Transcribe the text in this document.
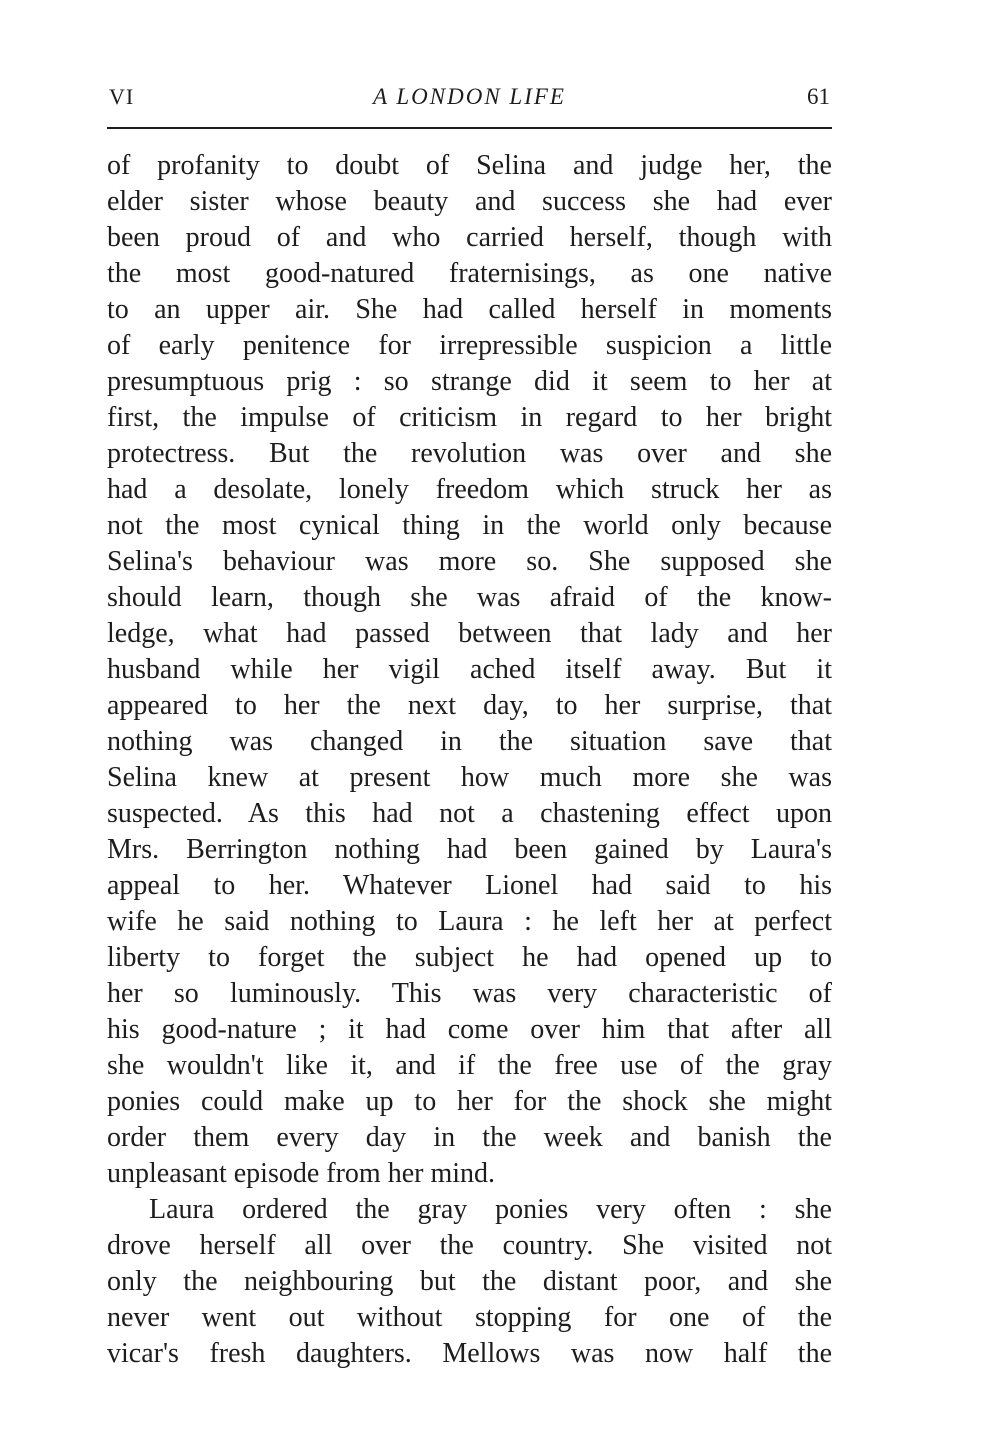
VI	A LONDON LIFE	61
of profanity to doubt of Selina and judge her, the
elder sister whose beauty and success she had ever
been proud of and who carried herself, though with
the most good-natured fraternisings, as one native
to an upper air. She had called herself in moments
of early penitence for irrepressible suspicion a little
presumptuous prig : so strange did it seem to her at
first, the impulse of criticism in regard to her bright
protectress. But the revolution was over and she
had a desolate, lonely freedom which struck her as
not the most cynical thing in the world only because
Selina's behaviour was more so. She supposed she
should learn, though she was afraid of the know-
ledge, what had passed between that lady and her
husband while her vigil ached itself away. But it
appeared to her the next day, to her surprise, that
nothing was changed in the situation save that
Selina knew at present how much more she was
suspected. As this had not a chastening effect upon
Mrs. Berrington nothing had been gained by Laura's
appeal to her. Whatever Lionel had said to his
wife he said nothing to Laura : he left her at perfect
liberty to forget the subject he had opened up to
her so luminously. This was very characteristic of
his good-nature ; it had come over him that after all
she wouldn't like it, and if the free use of the gray
ponies could make up to her for the shock she might
order them every day in the week and banish the
unpleasant episode from her mind.
Laura ordered the gray ponies very often : she
drove herself all over the country. She visited not
only the neighbouring but the distant poor, and she
never went out without stopping for one of the
vicar's fresh daughters. Mellows was now half the
